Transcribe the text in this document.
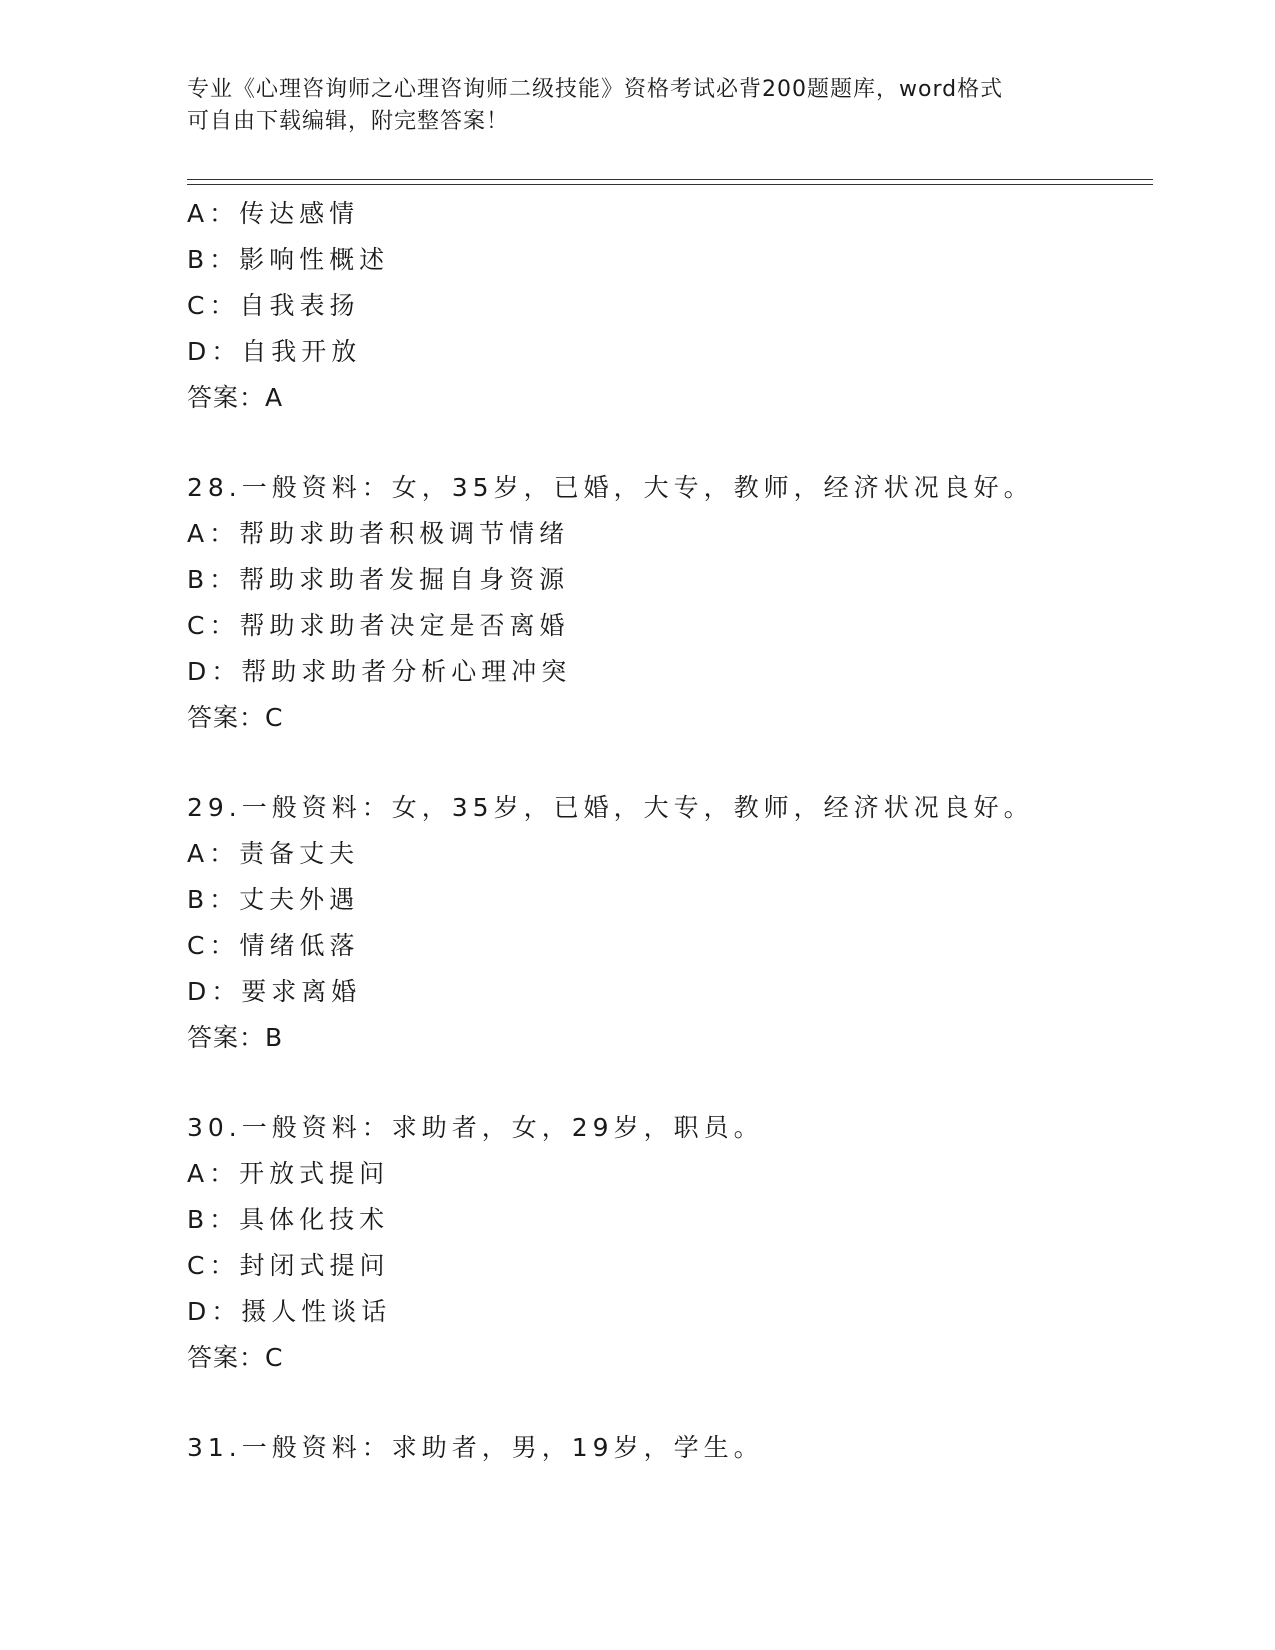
专业《心理咨询师之心理咨询师二级技能》资格考试必背200题题库，word格式
可自由下载编辑，附完整答案！
A：传达感情
B：影响性概述
C：自我表扬
D：自我开放
答案：A
28.一般资料：女，35岁，已婚，大专，教师，经济状况良好。
A：帮助求助者积极调节情绪
B：帮助求助者发掘自身资源
C：帮助求助者决定是否离婚
D：帮助求助者分析心理冲突
答案：C
29.一般资料：女，35岁，已婚，大专，教师，经济状况良好。
A：责备丈夫
B：丈夫外遇
C：情绪低落
D：要求离婚
答案：B
30.一般资料：求助者，女，29岁，职员。
A：开放式提问
B：具体化技术
C：封闭式提问
D：摄人性谈话
答案：C
31.一般资料：求助者，男，19岁，学生。
